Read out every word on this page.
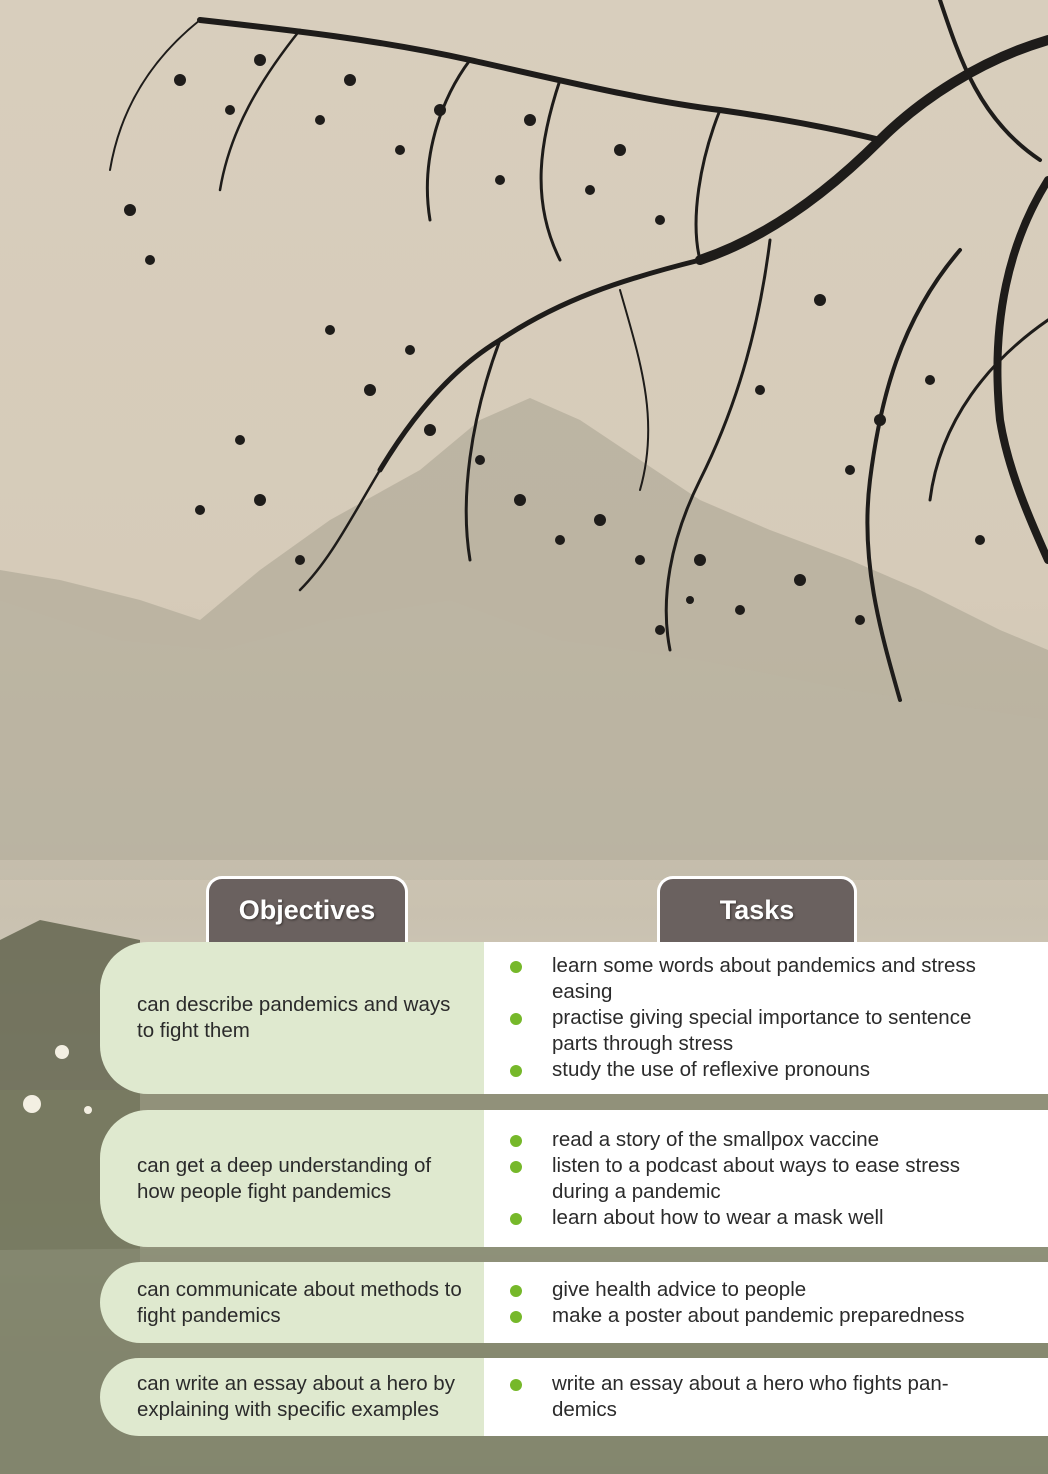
Objectives	Tasks
can describe pandemics and ways to fight them
learn some words about pandemics and stress easing
practise giving special importance to sentence parts through stress
study the use of reflexive pronouns
can get a deep understanding of how people fight pandemics
read a story of the smallpox vaccine
listen to a podcast about ways to ease stress during a pandemic
learn about how to wear a mask well
can communicate about methods to fight pandemics
give health advice to people
make a poster about pandemic preparedness
can write an essay about a hero by explaining with specific examples
write an essay about a hero who fights pan-demics
